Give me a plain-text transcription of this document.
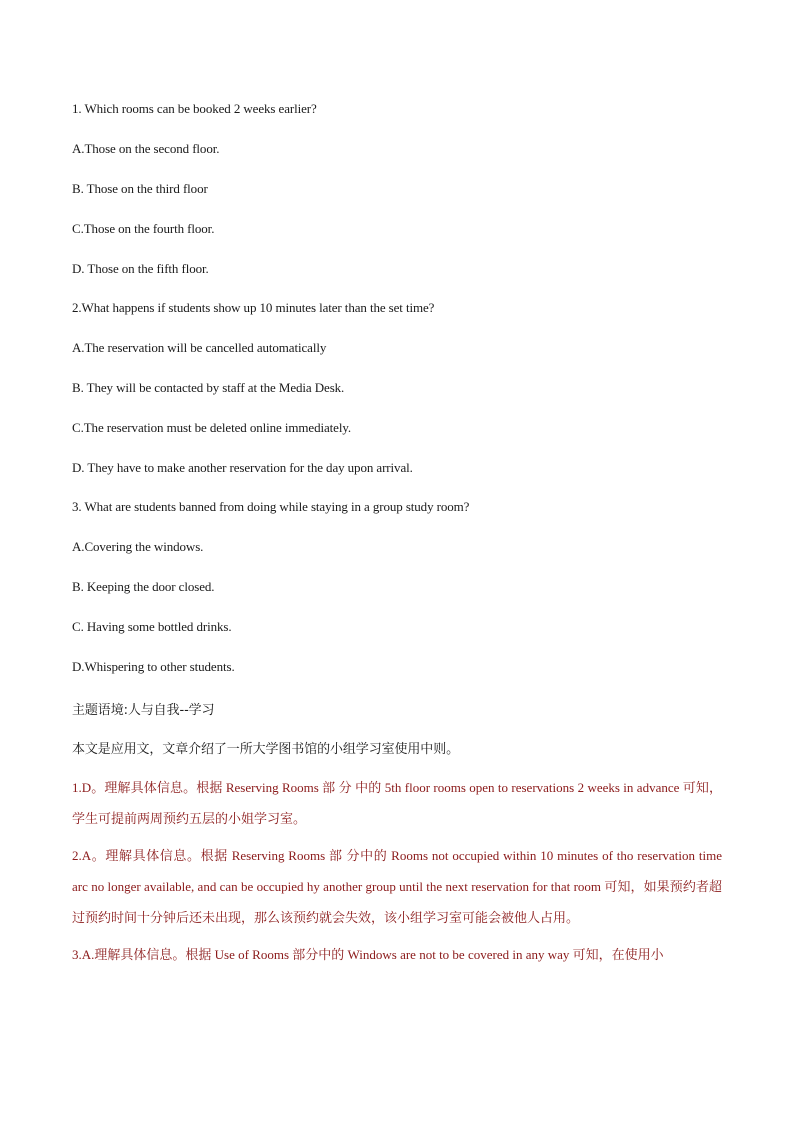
1. Which rooms can be booked 2 weeks earlier?
A.Those on the second floor.
B. Those on the third floor
C.Those on the fourth floor.
D. Those on the fifth floor.
2.What happens if students show up 10 minutes later than the set time?
A.The reservation will be cancelled automatically
B. They will be contacted by staff at the Media Desk.
C.The reservation must be deleted online immediately.
D. They have to make another reservation for the day upon arrival.
3. What are students banned from doing while staying in a group study room?
A.Covering the windows.
B. Keeping the door closed.
C. Having some bottled drinks.
D.Whispering to other students.
主题语境:人与自我--学习
本文是应用文，文章介绍了一所大学图书馆的小组学习室使用中则。
1.D。理解具体信息。根据 Reserving Rooms 部 分 中的 5th floor rooms open to reservations 2 weeks in advance 可知，学生可提前两周预约五层的小姐学习室。
2.A。理解具体信息。根据 Reserving Rooms 部 分中的 Rooms not occupied within 10 minutes of tho reservation time arc no longer available, and can be occupied hy another group until the next reservation for that room 可知，如果预约者超过预约时间十分钟后还未出现，那么该预约就会失效，该小组学习室可能会被他人占用。
3.A.理解具体信息。根据 Use of Rooms 部分中的 Windows are not to be covered in any way 可知，在使用小
